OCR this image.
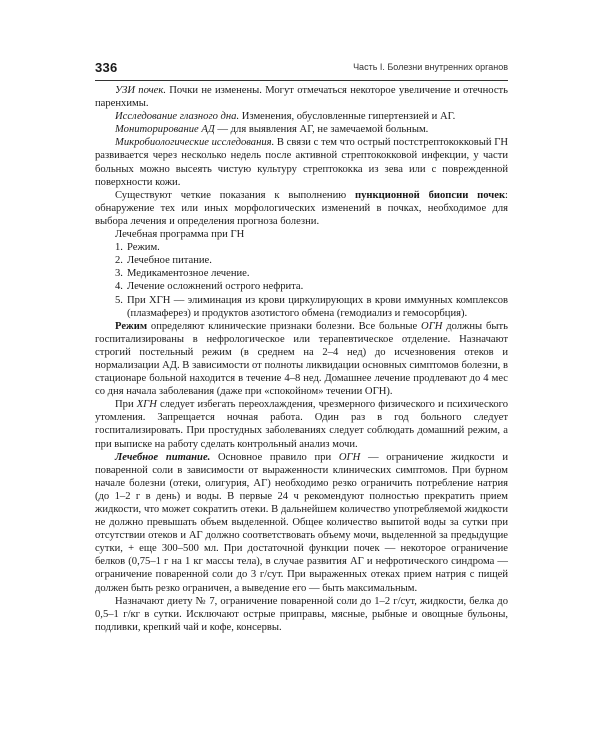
336	Часть I. Болезни внутренних органов

УЗИ почек. Почки не изменены. Могут отмечаться некоторое увеличение и отечность паренхимы.

Исследование глазного дна. Изменения, обусловленные гипертензией и АГ.

Мониторирование АД — для выявления АГ, не замечаемой больным.

Микробиологические исследования. В связи с тем что острый постстрептококковый ГН развивается через несколько недель после активной стрептококковой инфекции, у части больных можно высеять чистую культуру стрептококка из зева или с поврежденной поверхности кожи.

Существуют четкие показания к выполнению пункционной биопсии почек: обнаружение тех или иных морфологических изменений в почках, необходимое для выбора лечения и определения прогноза болезни.

Лечебная программа при ГН

1. Режим.
2. Лечебное питание.
3. Медикаментозное лечение.
4. Лечение осложнений острого нефрита.
5. При ХГН — элиминация из крови циркулирующих в крови иммунных комплексов (плазмаферез) и продуктов азотистого обмена (гемодиализ и гемосорбция).

Режим определяют клинические признаки болезни. Все больные ОГН должны быть госпитализированы в нефрологическое или терапевтическое отделение. Назначают строгий постельный режим (в среднем на 2–4 нед) до исчезновения отеков и нормализации АД. В зависимости от полноты ликвидации основных симптомов болезни, в стационаре больной находится в течение 4–8 нед. Домашнее лечение продлевают до 4 мес со дня начала заболевания (даже при «спокойном» течении ОГН).

При ХГН следует избегать переохлаждения, чрезмерного физического и психического утомления. Запрещается ночная работа. Один раз в год больного следует госпитализировать. При простудных заболеваниях следует соблюдать домашний режим, а при выписке на работу сделать контрольный анализ мочи.

Лечебное питание. Основное правило при ОГН — ограничение жидкости и поваренной соли в зависимости от выраженности клинических симптомов. При бурном начале болезни (отеки, олигурия, АГ) необходимо резко ограничить потребление натрия (до 1–2 г в день) и воды. В первые 24 ч рекомендуют полностью прекратить прием жидкости, что может сократить отеки. В дальнейшем количество употребляемой жидкости не должно превышать объем выделенной. Общее количество выпитой воды за сутки при отсутствии отеков и АГ должно соответствовать объему мочи, выделенной за предыдущие сутки, + еще 300–500 мл. При достаточной функции почек — некоторое ограничение белков (0,75–1 г на 1 кг массы тела), в случае развития АГ и нефротического синдрома — ограничение поваренной соли до 3 г/сут. При выраженных отеках прием натрия с пищей должен быть резко ограничен, а выведение его — быть максимальным.

Назначают диету № 7, ограничение поваренной соли до 1–2 г/сут, жидкости, белка до 0,5–1 г/кг в сутки. Исключают острые приправы, мясные, рыбные и овощные бульоны, подливки, крепкий чай и кофе, консервы.
